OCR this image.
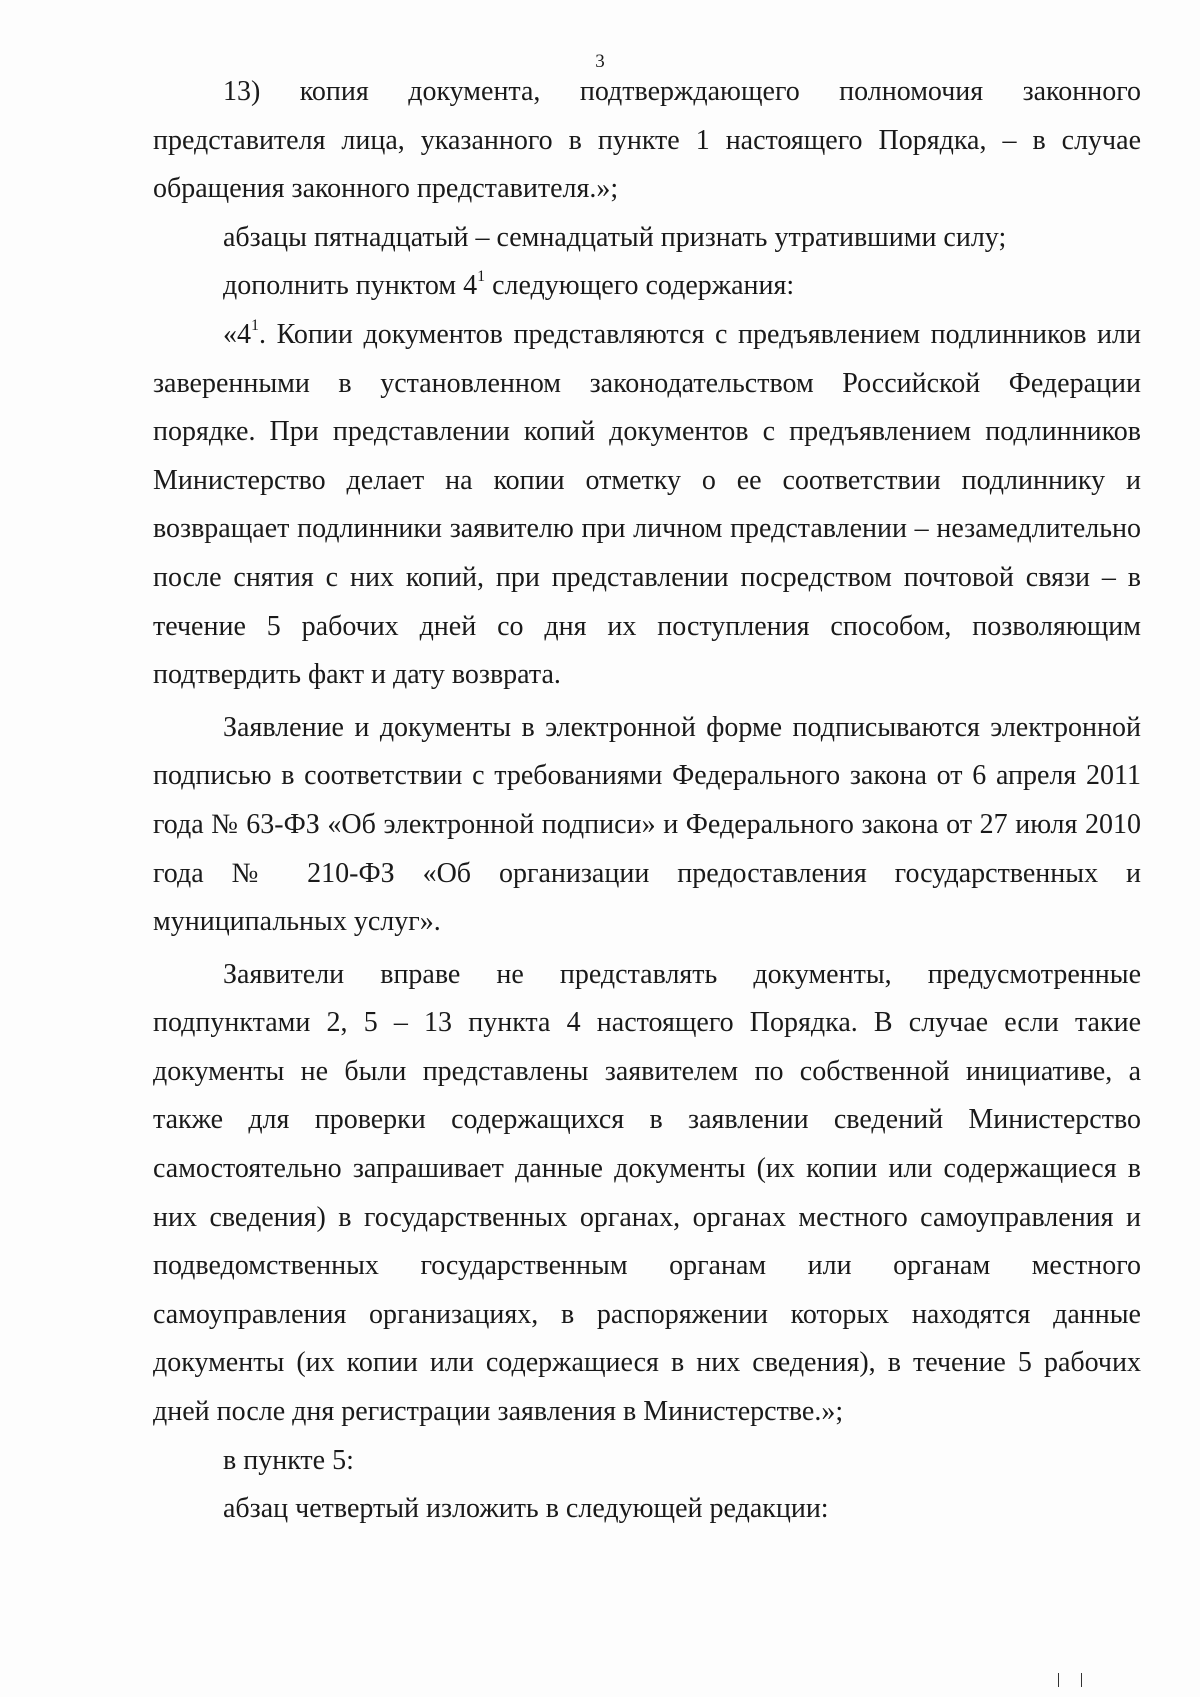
3

13) копия документа, подтверждающего полномочия законного представителя лица, указанного в пункте 1 настоящего Порядка, – в случае обращения законного представителя.»;

абзацы пятнадцатый – семнадцатый признать утратившими силу;

дополнить пунктом $4^1$ следующего содержания:

«$4^1$. Копии документов представляются с предъявлением подлинников или заверенными в установленном законодательством Российской Федерации порядке. При представлении копий документов с предъявлением подлинников Министерство делает на копии отметку о ее соответствии подлиннику и возвращает подлинники заявителю при личном представлении – незамедлительно после снятия с них копий, при представлении посредством почтовой связи – в течение 5 рабочих дней со дня их поступления способом, позволяющим подтвердить факт и дату возврата.

Заявление и документы в электронной форме подписываются электронной подписью в соответствии с требованиями Федерального закона от 6 апреля 2011 года № 63-ФЗ «Об электронной подписи» и Федерального закона от 27 июля 2010 года № 210-ФЗ «Об организации предоставления государственных и муниципальных услуг».

Заявители вправе не представлять документы, предусмотренные подпунктами 2, 5 – 13 пункта 4 настоящего Порядка. В случае если такие документы не были представлены заявителем по собственной инициативе, а также для проверки содержащихся в заявлении сведений Министерство самостоятельно запрашивает данные документы (их копии или содержащиеся в них сведения) в государственных органах, органах местного самоуправления и подведомственных государственным органам или органам местного самоуправления организациях, в распоряжении которых находятся данные документы (их копии или содержащиеся в них сведения), в течение 5 рабочих дней после дня регистрации заявления в Министерстве.»;

в пункте 5:

абзац четвертый изложить в следующей редакции:
